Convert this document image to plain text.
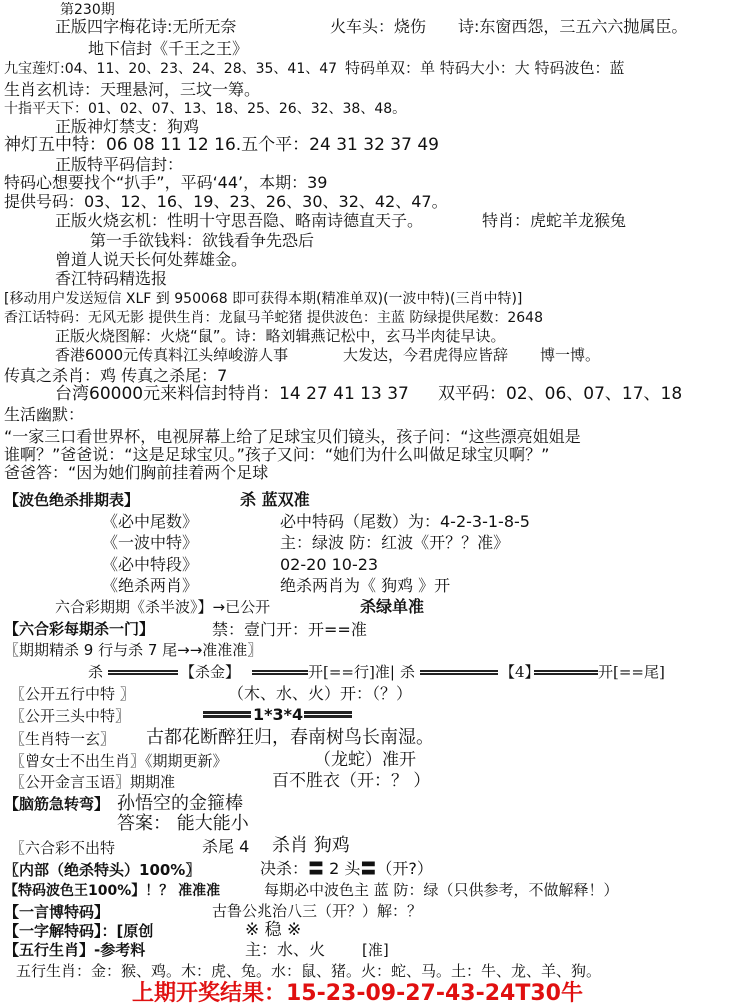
第230期
正版四字梅花诗:无所无奈	火车头：烧伤 诗:东窗西怨，三五六六抛属臣。
地下信封《千王之王》
九宝莲灯:04、11、20、23、24、28、35、41、47 特码单双：单 特码大小：大 特码波色：蓝
生肖玄机诗：天理悬河，三坟一筹。
十指平天下：01、02、07、13、18、25、26、32、38、48。
正版神灯禁支：狗鸡
神灯五中特：06 08 11 12 16.五个平：24 31 32 37 49
正版特平码信封：
特码心想要找个“扒手”，平码‘44’，本期：39
提供号码：03、12、16、19、23、26、30、32、42、47。
正版火烧玄机：性明十守思吾隐、略南诗德直天子。	特肖：虎蛇羊龙猴兔
第一手欲钱料：欲钱看争先恐后
曾道人说天长何处葬雄金。
香江特码精选报
[移动用户发送短信 XLF 到 950068 即可获得本期(精准单双)(一波中特)(三肖中特)]
香江话特码：无风无影 提供生肖：龙鼠马羊蛇猪 提供波色：主蓝 防绿提供尾数：2648
正版火烧图解：火烧“鼠”。诗：略刘辑燕记松中，玄马半肉徒早诀。
香港6000元传真料江头绰峻游人事	大发达，今君虎得应皆辞 博一博。
传真之杀肖：鸡 传真之杀尾：7
台湾60000元来料信封特肖：14 27 41 13 37 双平码：02、06、07、17、18
生活幽默：
“一家三口看世界杯，电视屏幕上给了足球宝贝们镜头，孩子问：“这些漂亮姐姐是
谁啊？”爸爸说：“这是足球宝贝。”孩子又问：“她们为什么叫做足球宝贝啊？”
爸爸答：“因为她们胸前挂着两个足球
【波色绝杀排期表】	杀 蓝双准
《必中尾数》	必中特码（尾数）为：4-2-3-1-8-5
《一波中特》	主：绿波 防：红波《开？？准》
《必中特段》	02-20 10-23
《绝杀两肖》	绝杀两肖为《 狗鸡 》开
六合彩期期《杀半波》】→已公开	杀绿单准
【六合彩每期杀一门】	禁：壹门开：开==准
〖期期精杀 9 行与杀 7 尾→→准准准〗
杀	【杀金】	开[==行]准| 杀	【4】	开[==尾]
〖公开五行中特 〗	（木、水、火）开：（？）
〖公开三头中特〗	1*3*4
〖生肖特一玄〗 古都花断醉狂归，春南树鸟长南湿。
〖曾女士不出生肖〗《期期更新》	（龙蛇）准开
〖公开金言玉语〗期期准	百不胜衣（开：？ ）
【脑筋急转弯】 孙悟空的金箍棒
答案： 能大能小
〖六合彩不出特	杀尾 4 杀肖 狗鸡
〖内部（绝杀特头）100%〗	决杀：〓 2 头〓（开?）
【特码波色王100%】！？ 准准准	每期必中波色主 蓝 防：绿（只供参考，不做解释！）
【一言博特码】	古鲁公兆治八三（开？）解：？
【一字解特码】：[原创	※ 稳 ※
【五行生肖】-参考料	主：水、火 [准]
五行生肖：金：猴、鸡。木：虎、兔。水：鼠、猪。火：蛇、马。土：牛、龙、羊、狗。
上期开奖结果：15-23-09-27-43-24T30牛
